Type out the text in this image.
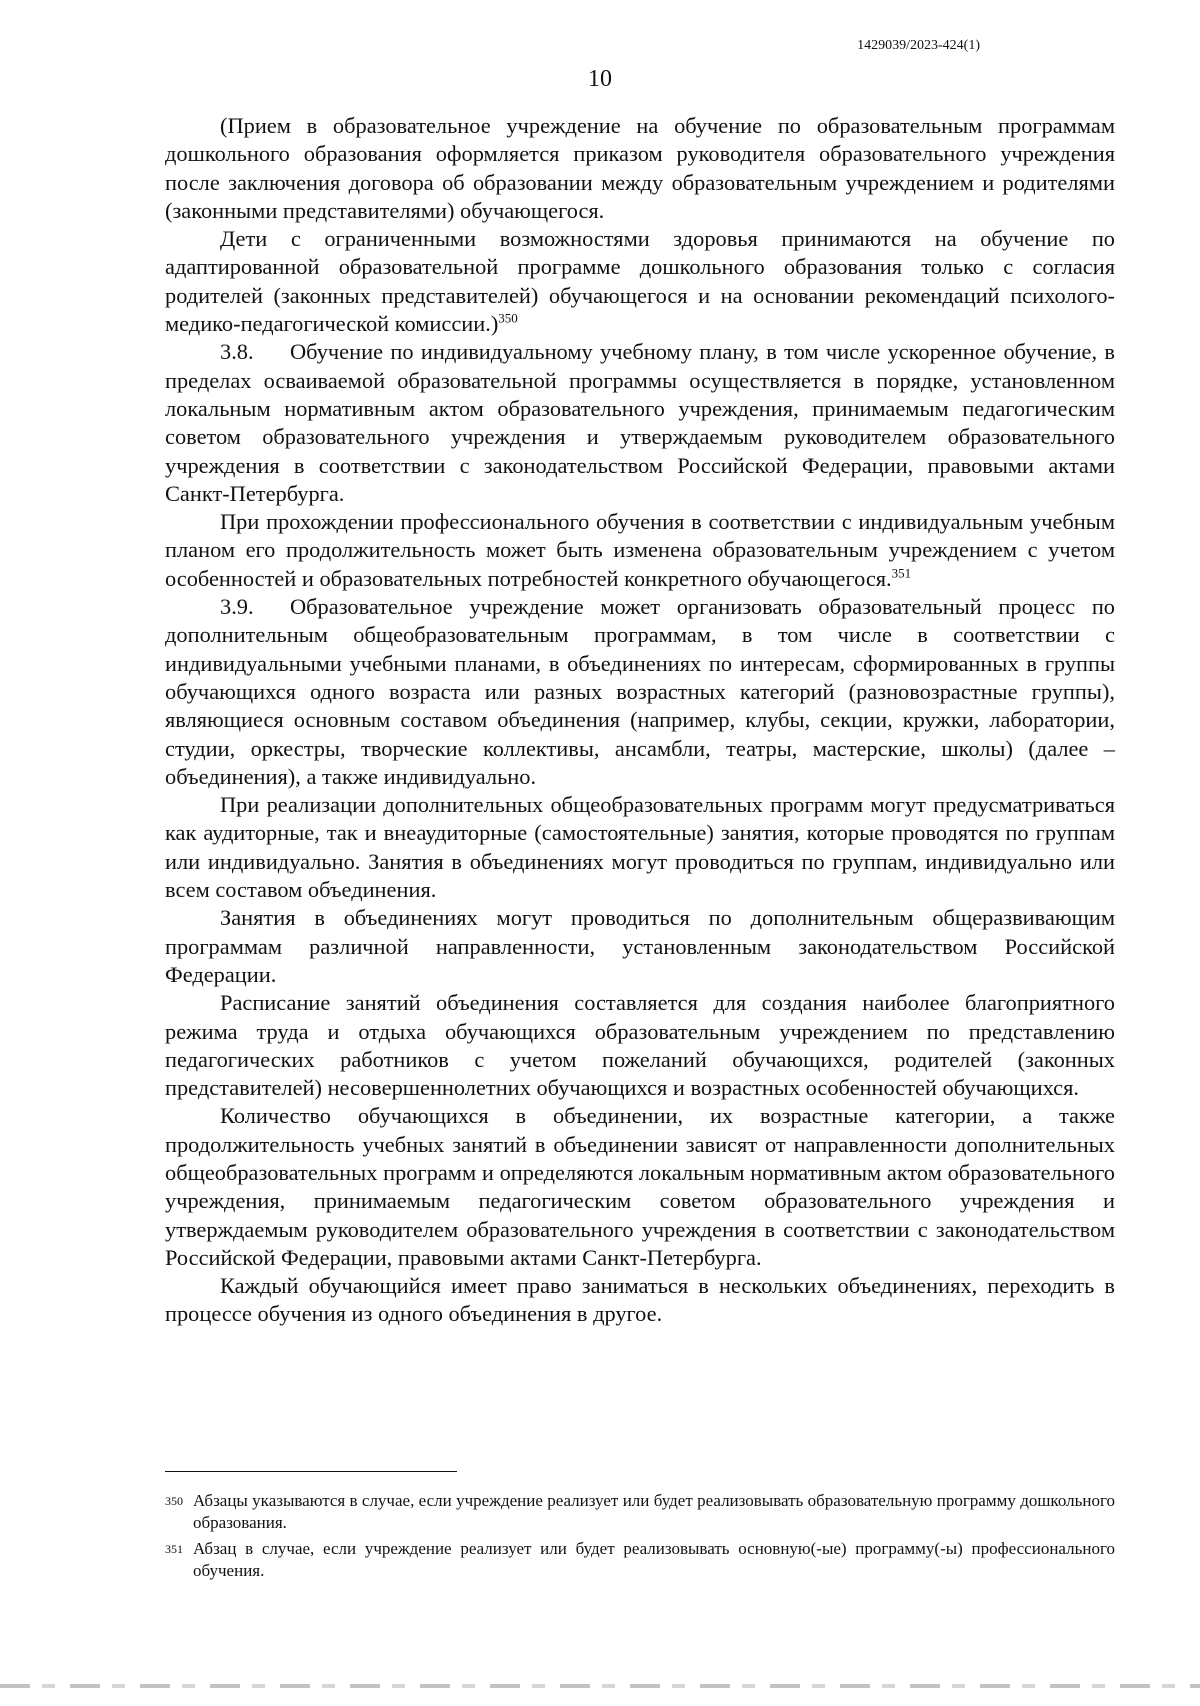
1429039/2023-424(1)
10

(Прием в образовательное учреждение на обучение по образовательным программам дошкольного образования оформляется приказом руководителя образовательного учреждения после заключения договора об образовании между образовательным учреждением и родителями (законными представителями) обучающегося.

Дети с ограниченными возможностями здоровья принимаются на обучение по адаптированной образовательной программе дошкольного образования только с согласия родителей (законных представителей) обучающегося и на основании рекомендаций психолого-медико-педагогической комиссии.)$^{350}$

3.8. Обучение по индивидуальному учебному плану, в том числе ускоренное обучение, в пределах осваиваемой образовательной программы осуществляется в порядке, установленном локальным нормативным актом образовательного учреждения, принимаемым педагогическим советом образовательного учреждения и утверждаемым руководителем образовательного учреждения в соответствии с законодательством Российской Федерации, правовыми актами Санкт-Петербурга.

При прохождении профессионального обучения в соответствии с индивидуальным учебным планом его продолжительность может быть изменена образовательным учреждением с учетом особенностей и образовательных потребностей конкретного обучающегося.$^{351}$

3.9. Образовательное учреждение может организовать образовательный процесс по дополнительным общеобразовательным программам, в том числе в соответствии с индивидуальными учебными планами, в объединениях по интересам, сформированных в группы обучающихся одного возраста или разных возрастных категорий (разновозрастные группы), являющиеся основным составом объединения (например, клубы, секции, кружки, лаборатории, студии, оркестры, творческие коллективы, ансамбли, театры, мастерские, школы) (далее – объединения), а также индивидуально.

При реализации дополнительных общеобразовательных программ могут предусматриваться как аудиторные, так и внеаудиторные (самостоятельные) занятия, которые проводятся по группам или индивидуально. Занятия в объединениях могут проводиться по группам, индивидуально или всем составом объединения.

Занятия в объединениях могут проводиться по дополнительным общеразвивающим программам различной направленности, установленным законодательством Российской Федерации.

Расписание занятий объединения составляется для создания наиболее благоприятного режима труда и отдыха обучающихся образовательным учреждением по представлению педагогических работников с учетом пожеланий обучающихся, родителей (законных представителей) несовершеннолетних обучающихся и возрастных особенностей обучающихся.

Количество обучающихся в объединении, их возрастные категории, а также продолжительность учебных занятий в объединении зависят от направленности дополнительных общеобразовательных программ и определяются локальным нормативным актом образовательного учреждения, принимаемым педагогическим советом образовательного учреждения и утверждаемым руководителем образовательного учреждения в соответствии с законодательством Российской Федерации, правовыми актами Санкт-Петербурга.

Каждый обучающийся имеет право заниматься в нескольких объединениях, переходить в процессе обучения из одного объединения в другое.

350 Абзацы указываются в случае, если учреждение реализует или будет реализовывать образовательную программу дошкольного образования.

351 Абзац в случае, если учреждение реализует или будет реализовывать основную(-ые) программу(-ы) профессионального обучения.
